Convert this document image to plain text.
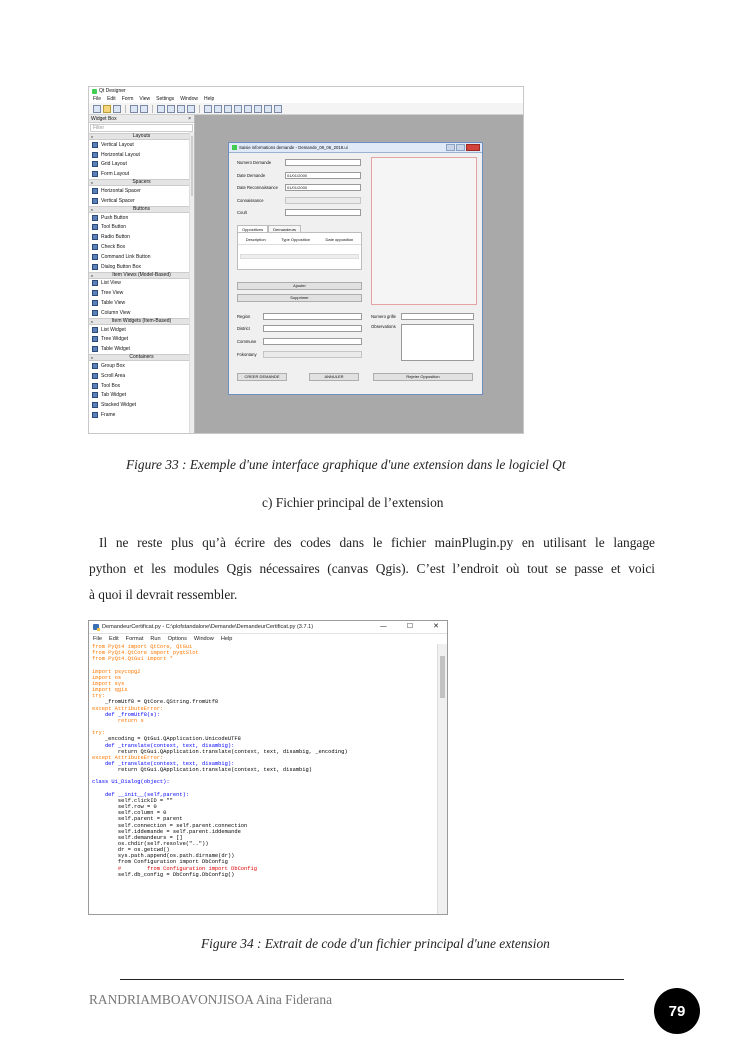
Qt Designer
File Edit Form View Settings Window Help
Widget Box	×
Filter
v Layouts
Vertical Layout
Horizontal Layout
Grid Layout
Form Layout
v Spacers
Horizontal Spacer
Vertical Spacer
v Buttons
Push Button
Tool Button
Radio Button
Check Box
Command Link Button
Dialog Button Box
v Item Views (Model-Based)
List View
Tree View
Table View
Column View
v Item Widgets (Item-Based)
List Widget
Tree Widget
Table Widget
v Containers
Group Box
Scroll Area
Tool Box
Tab Widget
Stacked Widget
Frame
Saisie informations demande - Demande_08_06_2018.ui
Numero Demande
Date Demande	01/01/2000
Date Reconnaissance	01/01/2000
Connaissance
Coult
Oppositions	Demandeurs
Description	Type Opposition	Date opposition
Ajouter
Supprimer
Region
District
Commune
Fokontany
Numero grille
Observations
CREER DEMANDE	ANNULER	Rejeter Opposition
Figure 33 : Exemple d'une interface graphique d'une extension dans le logiciel Qt
c) Fichier principal de l’extension
Il ne reste plus qu’à écrire des codes dans le fichier mainPlugin.py en utilisant le langage
python et les modules Qgis nécessaires (canvas Qgis). C’est l’endroit où tout se passe et voici
à quoi il devrait ressembler.
DemandeurCertificat.py - C:\plofstandalone\Demande\DemandeurCertificat.py (3.7.1)	—	☐	✕
File Edit Format Run Options Window Help
from PyQt4 import QtCore, QtGui
from PyQt4.QtCore import pyqtSlot
from PyQt4.QtGui import *

import psycopg2
import os
import sys
import qgis
try:
_fromUtf8 = QtCore.QString.fromUtf8
except AttributeError:
def _fromUtf8(s):
return s

try:
_encoding = QtGui.QApplication.UnicodeUTF8
def _translate(context, text, disambig):
return QtGui.QApplication.translate(context, text, disambig, _encoding)
except AttributeError:
def _translate(context, text, disambig):
return QtGui.QApplication.translate(context, text, disambig)

class Ui_Dialog(object):

def __init__(self,parent):
self.clickID = ""
self.row = 0
self.column = 0
self.parent = parent
self.connection = self.parent.connection
self.iddemande = self.parent.iddemande
self.demandeurs = []
os.chdir(self.resolve(".."))
dr = os.getcwd()
sys.path.append(os.path.dirname(dr))
from Configuration import DbConfig
#        from Configuration import DbConfig
self.db_config = DbConfig.DbConfig()
Figure 34 : Extrait de code d'un fichier principal d'une extension
RANDRIAMBOAVONJISOA Aina Fiderana
79
